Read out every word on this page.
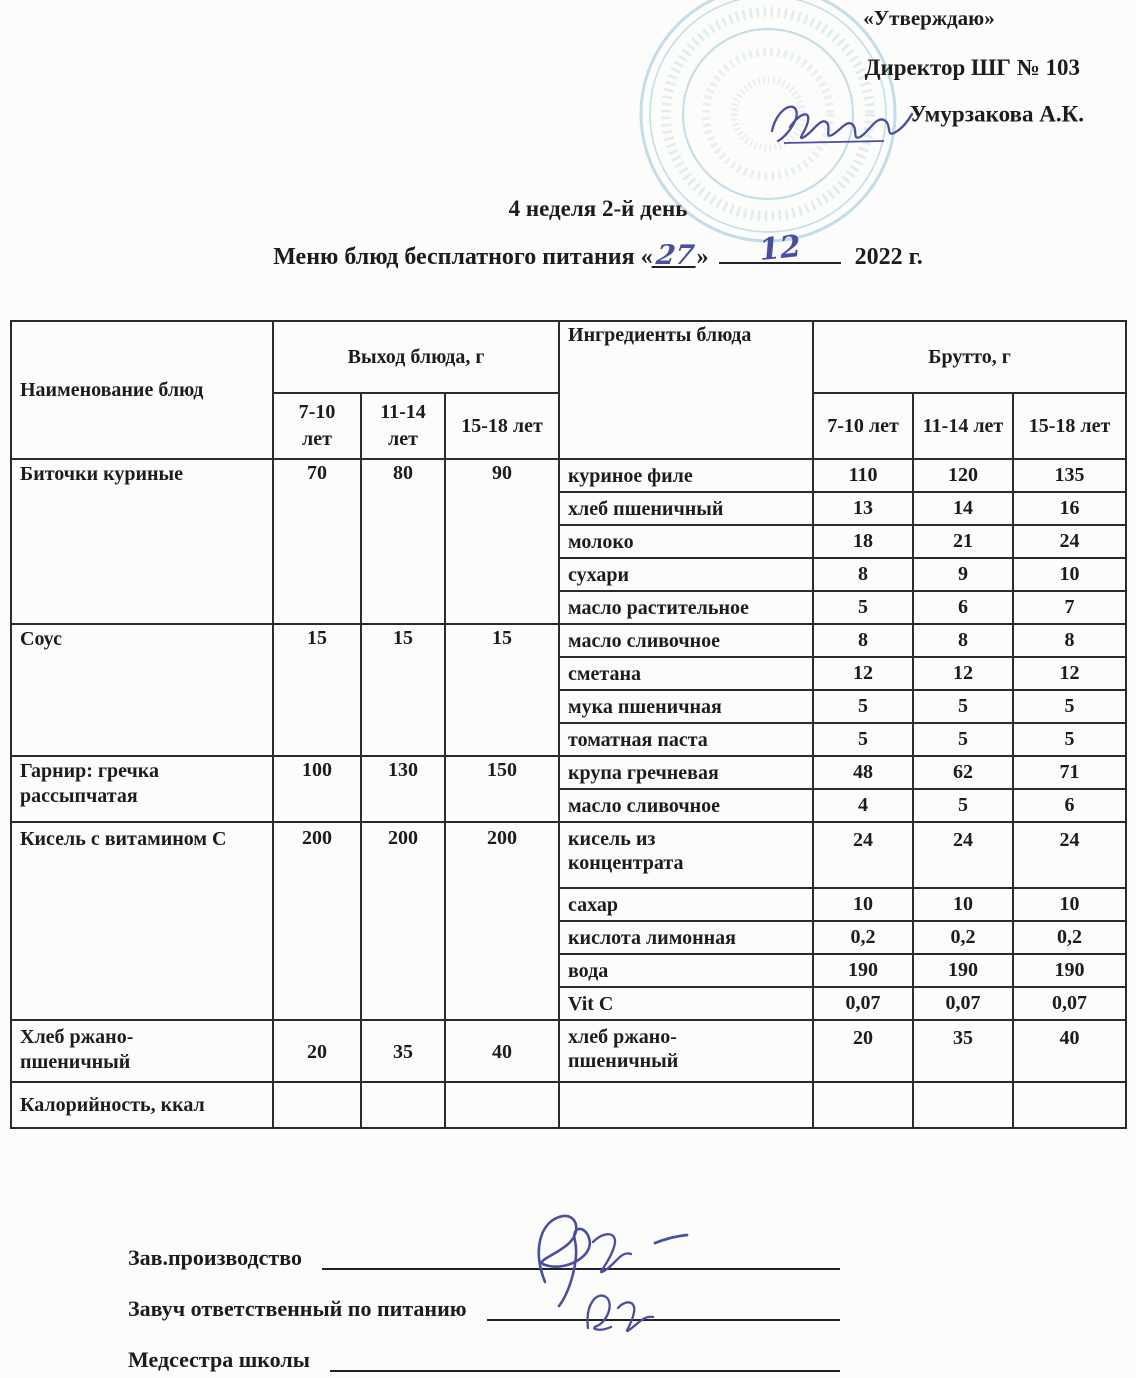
«Утверждаю»
Директор ШГ № 103
Умурзакова А.К.
4 неделя 2-й день
Меню блюд бесплатного питания «27» 12 2022 г.
Наименование блюд	Выход блюда, г			Ингредиенты блюда	Брутто, г		
	7-10 лет	11-14 лет	15-18 лет		7-10 лет	11-14 лет	15-18 лет
Биточки куриные	70	80	90	куриное филе	110	120	135
				хлеб пшеничный	13	14	16
				молоко	18	21	24
				сухари	8	9	10
				масло растительное	5	6	7
Соус	15	15	15	масло сливочное	8	8	8
				сметана	12	12	12
				мука пшеничная	5	5	5
				томатная паста	5	5	5
Гарнир: гречка рассыпчатая	100	130	150	крупа гречневая	48	62	71
				масло сливочное	4	5	6
Кисель с витамином С	200	200	200	кисель из концентрата	24	24	24
				сахар	10	10	10
				кислота лимонная	0,2	0,2	0,2
				вода	190	190	190
				Vit C	0,07	0,07	0,07
Хлеб ржано-пшеничный	20	35	40	хлеб ржано-пшеничный	20	35	40
Калорийность, ккал							
Зав.производство
Завуч ответственный по питанию
Медсестра школы
